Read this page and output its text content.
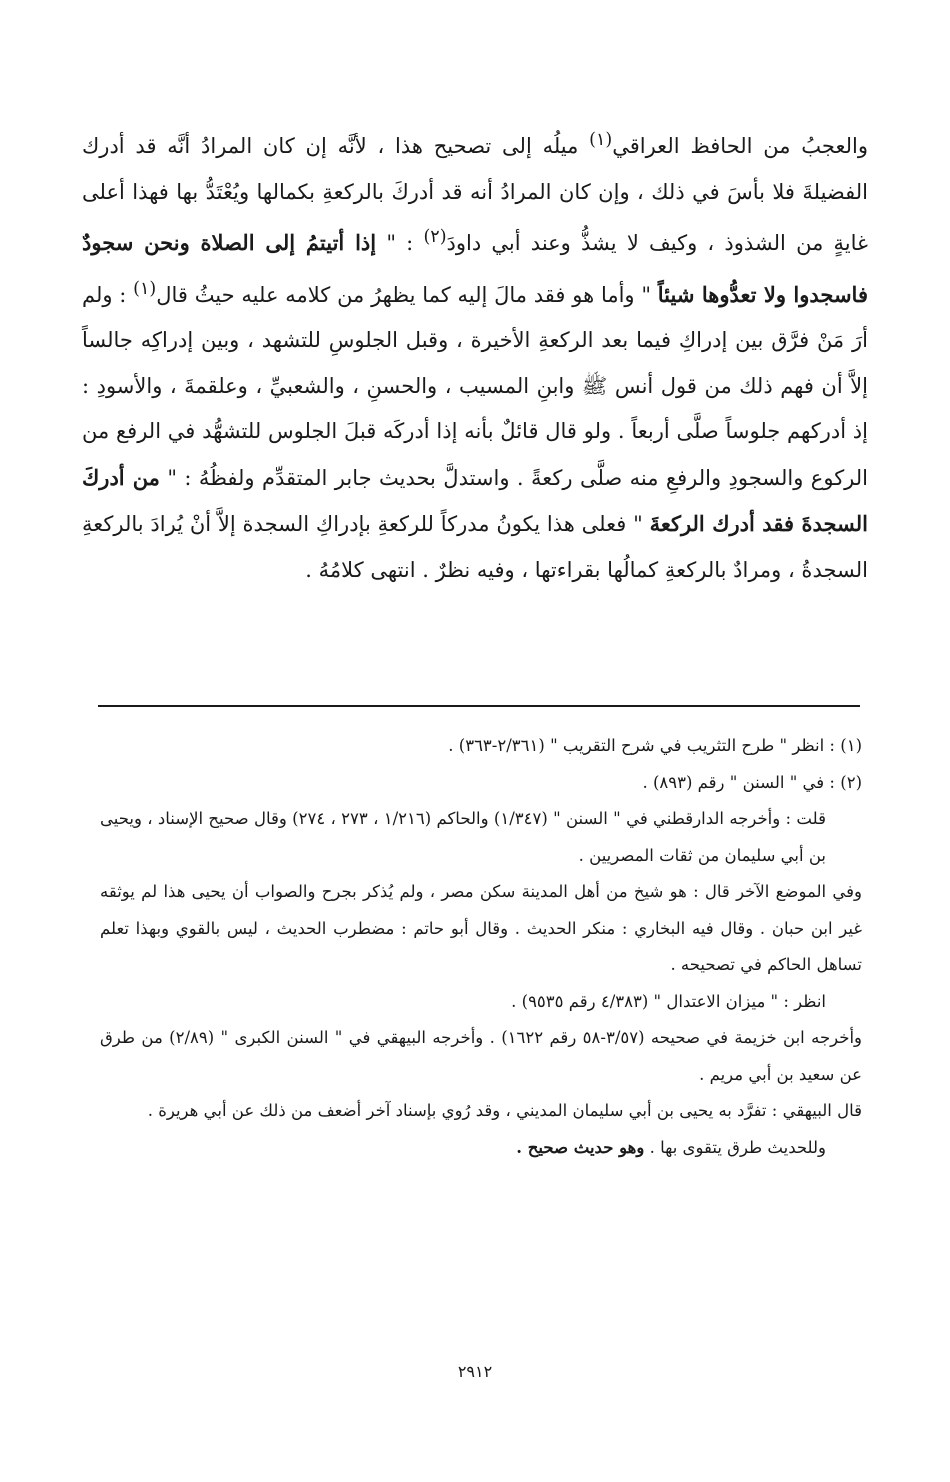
والعجبُ من الحافظ العراقي$^{(١)}$ ميلُه إلى تصحيح هذا ، لأنَّه إن كان المرادُ أنَّه قد أدرك الفضيلةَ فلا بأسَ في ذلك ، وإن كان المرادُ أنه قد أدركَ بالركعةِ بكمالها ويُعْتَدُّ بها فهذا أعلى غايةٍ من الشذوذ ، وكيف لا يشذُّ وعند أبي داودَ$^{(٢)}$ : " إذا أتيتمُ إلى الصلاة ونحن سجودٌ فاسجدوا ولا تعدُّوها شيئاً " وأما هو فقد مالَ إليه كما يظهرُ من كلامه عليه حيثُ قال$^{(١)}$ : ولم أرَ مَنْ فرَّق بين إدراكِ فيما بعد الركعةِ الأخيرة ، وقبل الجلوسِ للتشهد ، وبين إدراكِه جالساً إلاَّ أن فهم ذلك من قول أنس ﷺ وابنِ المسيب ، والحسنِ ، والشعبيِّ ، وعلقمةَ ، والأسودِ : إذ أدركهم جلوساً صلَّى أربعاً . ولو قال قائلٌ بأنه إذا أدركَه قبلَ الجلوس للتشهُّد في الرفع من الركوع والسجودِ والرفعِ منه صلَّى ركعةً . واستدلَّ بحديث جابر المتقدِّم ولفظُهُ : " من أدركَ السجدةَ فقد أدرك الركعةَ " فعلى هذا يكونُ مدركاً للركعةِ بإدراكِ السجدة إلاَّ أنْ يُرادَ بالركعةِ السجدةُ ، ومرادٌ بالركعةِ كمالُها بقراءتها ، وفيه نظرٌ . انتهى كلامُهُ .

(١) : انظر " طرح التثريب في شرح التقريب " (٢/٣٦١-٣٦٣) .

(٢) : في " السنن " رقم (٨٩٣) .

قلت : وأخرجه الدارقطني في " السنن " (١/٣٤٧) والحاكم (١/٢١٦ ، ٢٧٣ ، ٢٧٤) وقال صحيح الإسناد ، ويحيى بن أبي سليمان من ثقات المصريين .

وفي الموضع الآخر قال : هو شيخ من أهل المدينة سكن مصر ، ولم يُذكر بجرح والصواب أن يحيى هذا لم يوثقه غير ابن حبان . وقال فيه البخاري : منكر الحديث . وقال أبو حاتم : مضطرب الحديث ، ليس بالقوي وبهذا تعلم تساهل الحاكم في تصحيحه .

انظر : " ميزان الاعتدال " (٤/٣٨٣ رقم ٩٥٣٥) .

وأخرجه ابن خزيمة في صحيحه (٣/٥٧-٥٨ رقم ١٦٢٢) . وأخرجه البيهقي في " السنن الكبرى " (٢/٨٩) من طرق عن سعيد بن أبي مريم .

قال البيهقي : تفرَّد به يحيى بن أبي سليمان المديني ، وقد رُوي بإسناد آخر أضعف من ذلك عن أبي هريرة .

وللحديث طرق يتقوى بها . وهو حديث صحيح .

٢٩١٢
